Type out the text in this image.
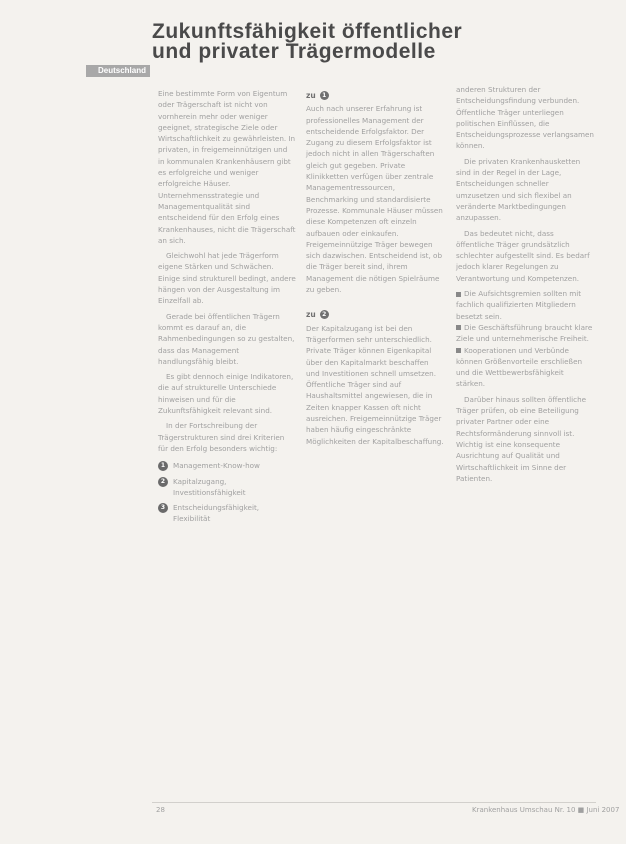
Zukunftsfähigkeit öffentlicher
und privater Trägermodelle
Deutschland

Eine bestimmte Form von Eigentum oder Trägerschaft ist nicht von vornherein mehr oder weniger geeignet, strategische Ziele oder Wirtschaftlichkeit zu gewährleisten. In privaten, in freigemeinnützigen und in kommunalen Krankenhäusern gibt es erfolgreiche und weniger erfolgreiche Häuser. Unternehmensstrategie und Managementqualität sind entscheidend für den Erfolg eines Krankenhauses, nicht die Trägerschaft an sich.

Gleichwohl hat jede Trägerform eigene Stärken und Schwächen. Einige sind strukturell bedingt, andere hängen von der Ausgestaltung im Einzelfall ab.

Gerade bei öffentlichen Trägern kommt es darauf an, die Rahmenbedingungen so zu gestalten, dass das Management handlungsfähig bleibt.

Es gibt dennoch einige Indikatoren, die auf strukturelle Unterschiede hinweisen und für die Zukunftsfähigkeit relevant sind.

In der Fortschreibung der Trägerstrukturen sind drei Kriterien für den Erfolg besonders wichtig:

1	Management-Know-how
2	Kapitalzugang, Investitionsfähigkeit
3	Entscheidungsfähigkeit, Flexibilität
zu	1

Auch nach unserer Erfahrung ist professionelles Management der entscheidende Erfolgsfaktor. Der Zugang zu diesem Erfolgsfaktor ist jedoch nicht in allen Trägerschaften gleich gut gegeben. Private Klinikketten verfügen über zentrale Managementressourcen, Benchmarking und standardisierte Prozesse. Kommunale Häuser müssen diese Kompetenzen oft einzeln aufbauen oder einkaufen. Freigemeinnützige Träger bewegen sich dazwischen. Entscheidend ist, ob die Träger bereit sind, ihrem Management die nötigen Spielräume zu geben.

zu	2

Der Kapitalzugang ist bei den Trägerformen sehr unterschiedlich. Private Träger können Eigenkapital über den Kapitalmarkt beschaffen und Investitionen schnell umsetzen. Öffentliche Träger sind auf Haushaltsmittel angewiesen, die in Zeiten knapper Kassen oft nicht ausreichen. Freigemeinnützige Träger haben häufig eingeschränkte Möglichkeiten der Kapitalbeschaffung.

anderen Strukturen der Entscheidungsfindung verbunden. Öffentliche Träger unterliegen politischen Einflüssen, die Entscheidungsprozesse verlangsamen können.

Die privaten Krankenhausketten sind in der Regel in der Lage, Entscheidungen schneller umzusetzen und sich flexibel an veränderte Marktbedingungen anzupassen.

Das bedeutet nicht, dass öffentliche Träger grundsätzlich schlechter aufgestellt sind. Es bedarf jedoch klarer Regelungen zu Verantwortung und Kompetenzen.

Die Aufsichtsgremien sollten mit fachlich qualifizierten Mitgliedern besetzt sein.

Die Geschäftsführung braucht klare Ziele und unternehmerische Freiheit.

Kooperationen und Verbünde können Größenvorteile erschließen und die Wettbewerbsfähigkeit stärken.

Darüber hinaus sollten öffentliche Träger prüfen, ob eine Beteiligung privater Partner oder eine Rechtsformänderung sinnvoll ist. Wichtig ist eine konsequente Ausrichtung auf Qualität und Wirtschaftlichkeit im Sinne der Patienten.

28	Krankenhaus Umschau Nr. 10 ■ Juni 2007
